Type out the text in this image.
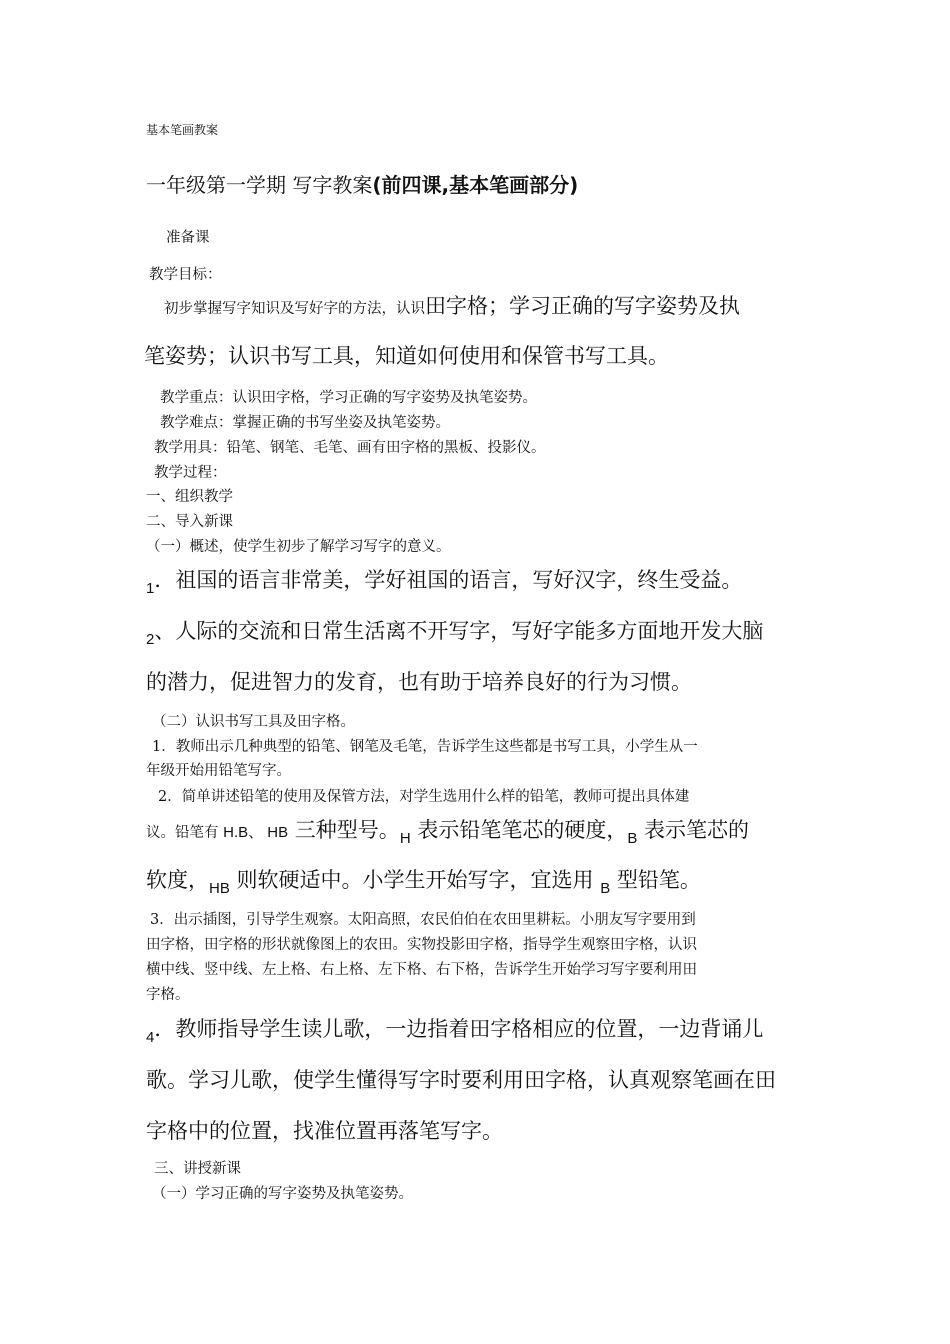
基本笔画教案

一年级第一学期 写字教案(前四课,基本笔画部分)

准备课

教学目标：

初步掌握写字知识及写好字的方法，认识田字格；学习正确的写字姿势及执

笔姿势；认识书写工具，知道如何使用和保管书写工具。

教学重点：认识田字格，学习正确的写字姿势及执笔姿势。

教学难点：掌握正确的书写坐姿及执笔姿势。

教学用具：铅笔、钢笔、毛笔、画有田字格的黑板、投影仪。

教学过程：

一、组织教学

二、导入新课

（一）概述，使学生初步了解学习写字的意义。

1．祖国的语言非常美，学好祖国的语言，写好汉字，终生受益。

2、人际的交流和日常生活离不开写字，写好字能多方面地开发大脑

的潜力，促进智力的发育，也有助于培养良好的行为习惯。

（二）认识书写工具及田字格。

1．教师出示几种典型的铅笔、钢笔及毛笔，告诉学生这些都是书写工具，小学生从一

年级开始用铅笔写字。

2．简单讲述铅笔的使用及保管方法，对学生选用什么样的铅笔，教师可提出具体建

议。铅笔有 H.B、 HB 三种型号。H 表示铅笔笔芯的硬度，B 表示笔芯的

软度，HB 则软硬适中。小学生开始写字，宜选用 B 型铅笔。

3．出示插图，引导学生观察。太阳高照，农民伯伯在农田里耕耘。小朋友写字要用到

田字格，田字格的形状就像图上的农田。实物投影田字格，指导学生观察田字格，认识

横中线、竖中线、左上格、右上格、左下格、右下格，告诉学生开始学习写字要利用田

字格。

4．教师指导学生读儿歌，一边指着田字格相应的位置，一边背诵儿

歌。学习儿歌，使学生懂得写字时要利用田字格，认真观察笔画在田

字格中的位置，找准位置再落笔写字。

三、讲授新课

（一）学习正确的写字姿势及执笔姿势。
